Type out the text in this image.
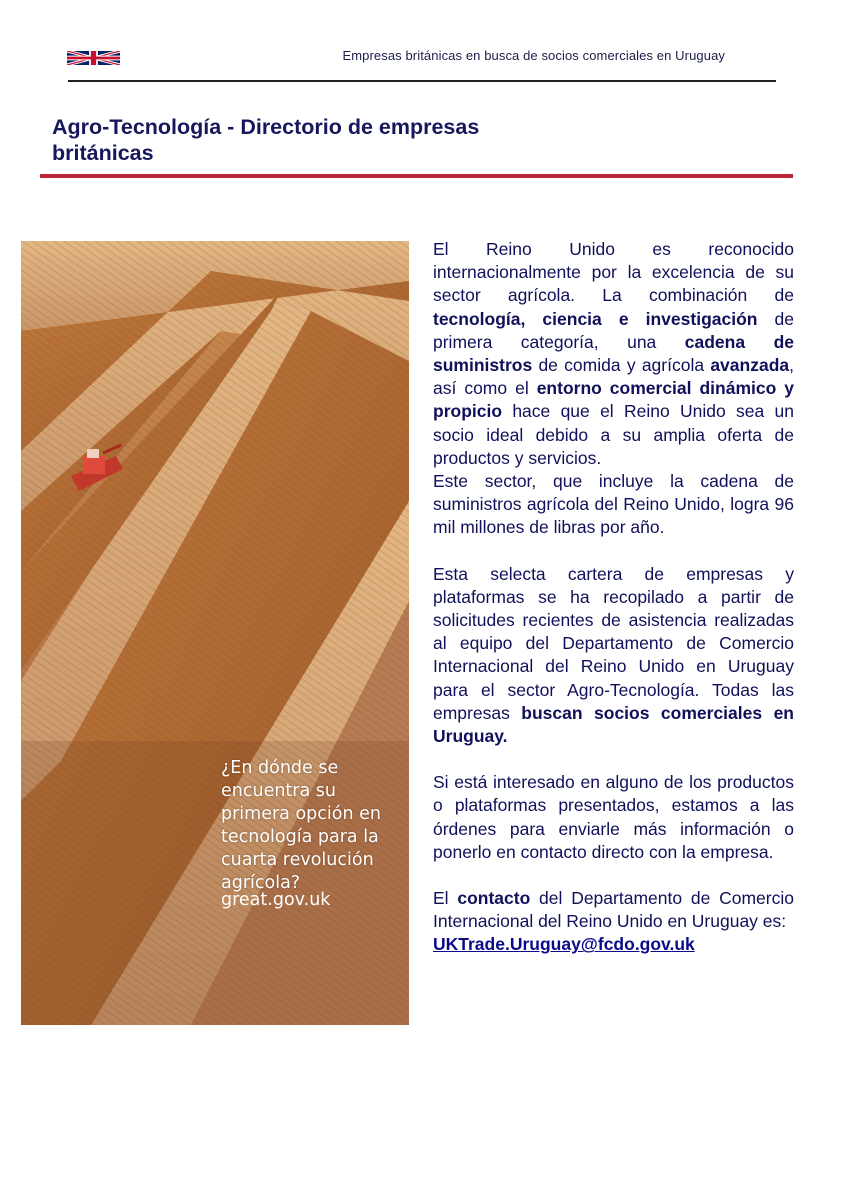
Empresas británicas en busca de socios comerciales en Uruguay
Agro-Tecnología - Directorio de empresas británicas
¿En dónde se encuentra su primera opción en tecnología para la cuarta revolución agrícola?
great.gov.uk

El Reino Unido es reconocido internacionalmente por la excelencia de su sector agrícola. La combinación de tecnología, ciencia e investigación de primera categoría, una cadena de suministros de comida y agrícola avanzada, así como el entorno comercial dinámico y propicio hace que el Reino Unido sea un socio ideal debido a su amplia oferta de productos y servicios.

Este sector, que incluye la cadena de suministros agrícola del Reino Unido, logra 96 mil millones de libras por año.

Esta selecta cartera de empresas y plataformas se ha recopilado a partir de solicitudes recientes de asistencia realizadas al equipo del Departamento de Comercio Internacional del Reino Unido en Uruguay para el sector Agro-Tecnología. Todas las empresas buscan socios comerciales en Uruguay.

Si está interesado en alguno de los productos o plataformas presentados, estamos a las órdenes para enviarle más información o ponerlo en contacto directo con la empresa.

El contacto del Departamento de Comercio Internacional del Reino Unido en Uruguay es:

UKTrade.Uruguay@fcdo.gov.uk
